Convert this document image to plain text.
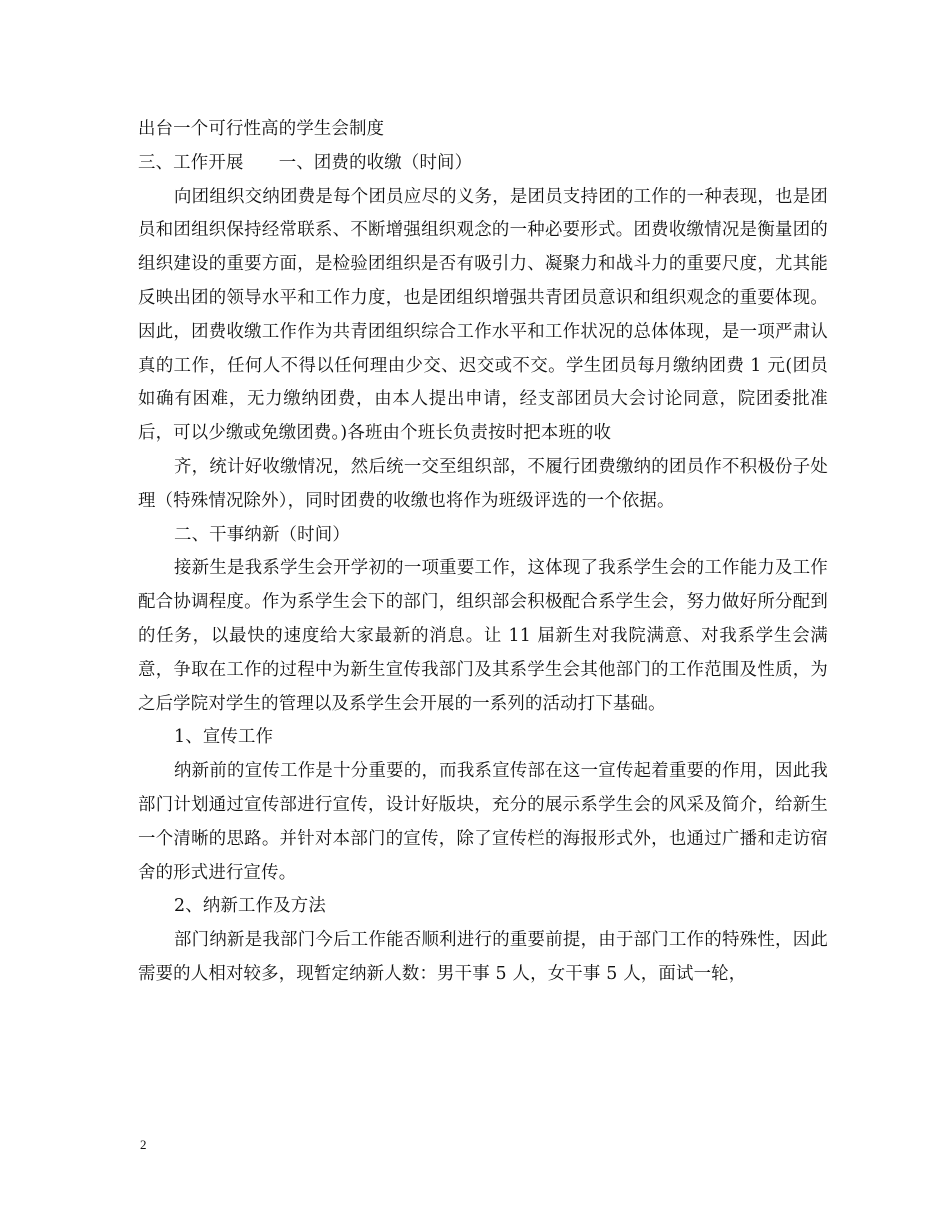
出台一个可行性高的学生会制度

三、工作开展　　一、团费的收缴（时间）

向团组织交纳团费是每个团员应尽的义务，是团员支持团的工作的一种表现，也是团员和团组织保持经常联系、不断增强组织观念的一种必要形式。团费收缴情况是衡量团的组织建设的重要方面，是检验团组织是否有吸引力、凝聚力和战斗力的重要尺度，尤其能反映出团的领导水平和工作力度，也是团组织增强共青团员意识和组织观念的重要体现。因此，团费收缴工作作为共青团组织综合工作水平和工作状况的总体体现，是一项严肃认真的工作，任何人不得以任何理由少交、迟交或不交。学生团员每月缴纳团费 1 元(团员如确有困难，无力缴纳团费，由本人提出申请，经支部团员大会讨论同意，院团委批准后，可以少缴或免缴团费。)各班由个班长负责按时把本班的收

齐，统计好收缴情况，然后统一交至组织部，不履行团费缴纳的团员作不积极份子处理（特殊情况除外），同时团费的收缴也将作为班级评选的一个依据。

二、干事纳新（时间）

接新生是我系学生会开学初的一项重要工作，这体现了我系学生会的工作能力及工作配合协调程度。作为系学生会下的部门，组织部会积极配合系学生会，努力做好所分配到的任务，以最快的速度给大家最新的消息。让 11 届新生对我院满意、对我系学生会满意，争取在工作的过程中为新生宣传我部门及其系学生会其他部门的工作范围及性质，为之后学院对学生的管理以及系学生会开展的一系列的活动打下基础。

1、宣传工作

纳新前的宣传工作是十分重要的，而我系宣传部在这一宣传起着重要的作用，因此我部门计划通过宣传部进行宣传，设计好版块，充分的展示系学生会的风采及简介，给新生一个清晰的思路。并针对本部门的宣传，除了宣传栏的海报形式外，也通过广播和走访宿舍的形式进行宣传。

2、纳新工作及方法

部门纳新是我部门今后工作能否顺利进行的重要前提，由于部门工作的特殊性，因此需要的人相对较多，现暂定纳新人数：男干事 5 人，女干事 5 人，面试一轮，

2
